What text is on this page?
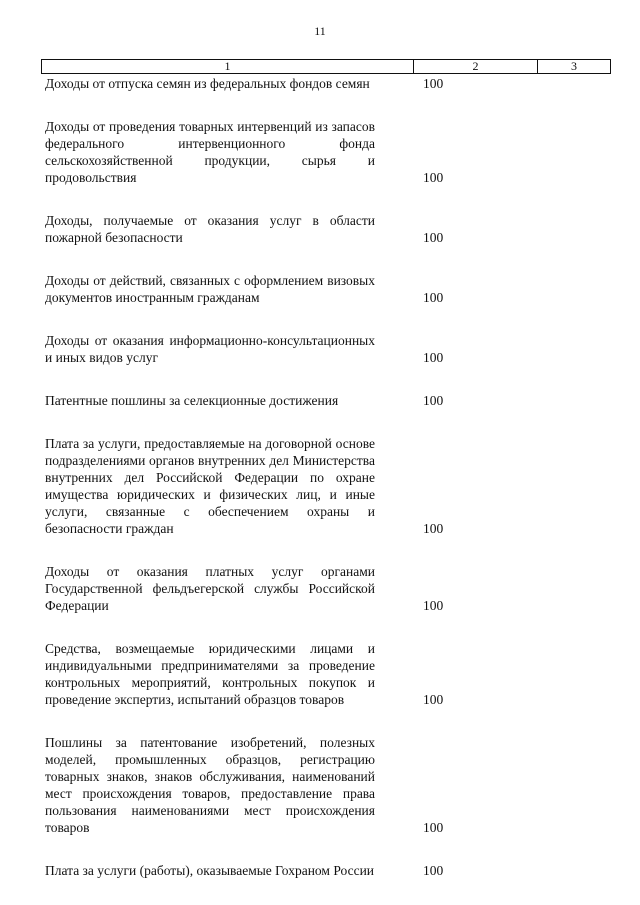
11
1	2	3
Доходы от отпуска семян из федеральных фондов семян	100
Доходы от проведения товарных интервенций из запасов федерального интервенционного фонда сельскохозяйственной продукции, сырья и продовольствия	100
Доходы, получаемые от оказания услуг в области пожарной безопасности	100
Доходы от действий, связанных с оформлением визовых документов иностранным гражданам	100
Доходы от оказания информационно-консультационных и иных видов услуг	100
Патентные пошлины за селекционные достижения	100
Плата за услуги, предоставляемые на договорной основе подразделениями органов внутренних дел Министерства внутренних дел Российской Федерации по охране имущества юридических и физических лиц, и иные услуги, связанные с обеспечением охраны и безопасности граждан	100
Доходы от оказания платных услуг органами Государственной фельдъегерской службы Российской Федерации	100
Средства, возмещаемые юридическими лицами и индивидуальными предпринимателями за проведение контрольных мероприятий, контрольных покупок и проведение экспертиз, испытаний образцов товаров	100
Пошлины за патентование изобретений, полезных моделей, промышленных образцов, регистрацию товарных знаков, знаков обслуживания, наименований мест происхождения товаров, предоставление права пользования наименованиями мест происхождения товаров	100
Плата за услуги (работы), оказываемые Гохраном России	100
